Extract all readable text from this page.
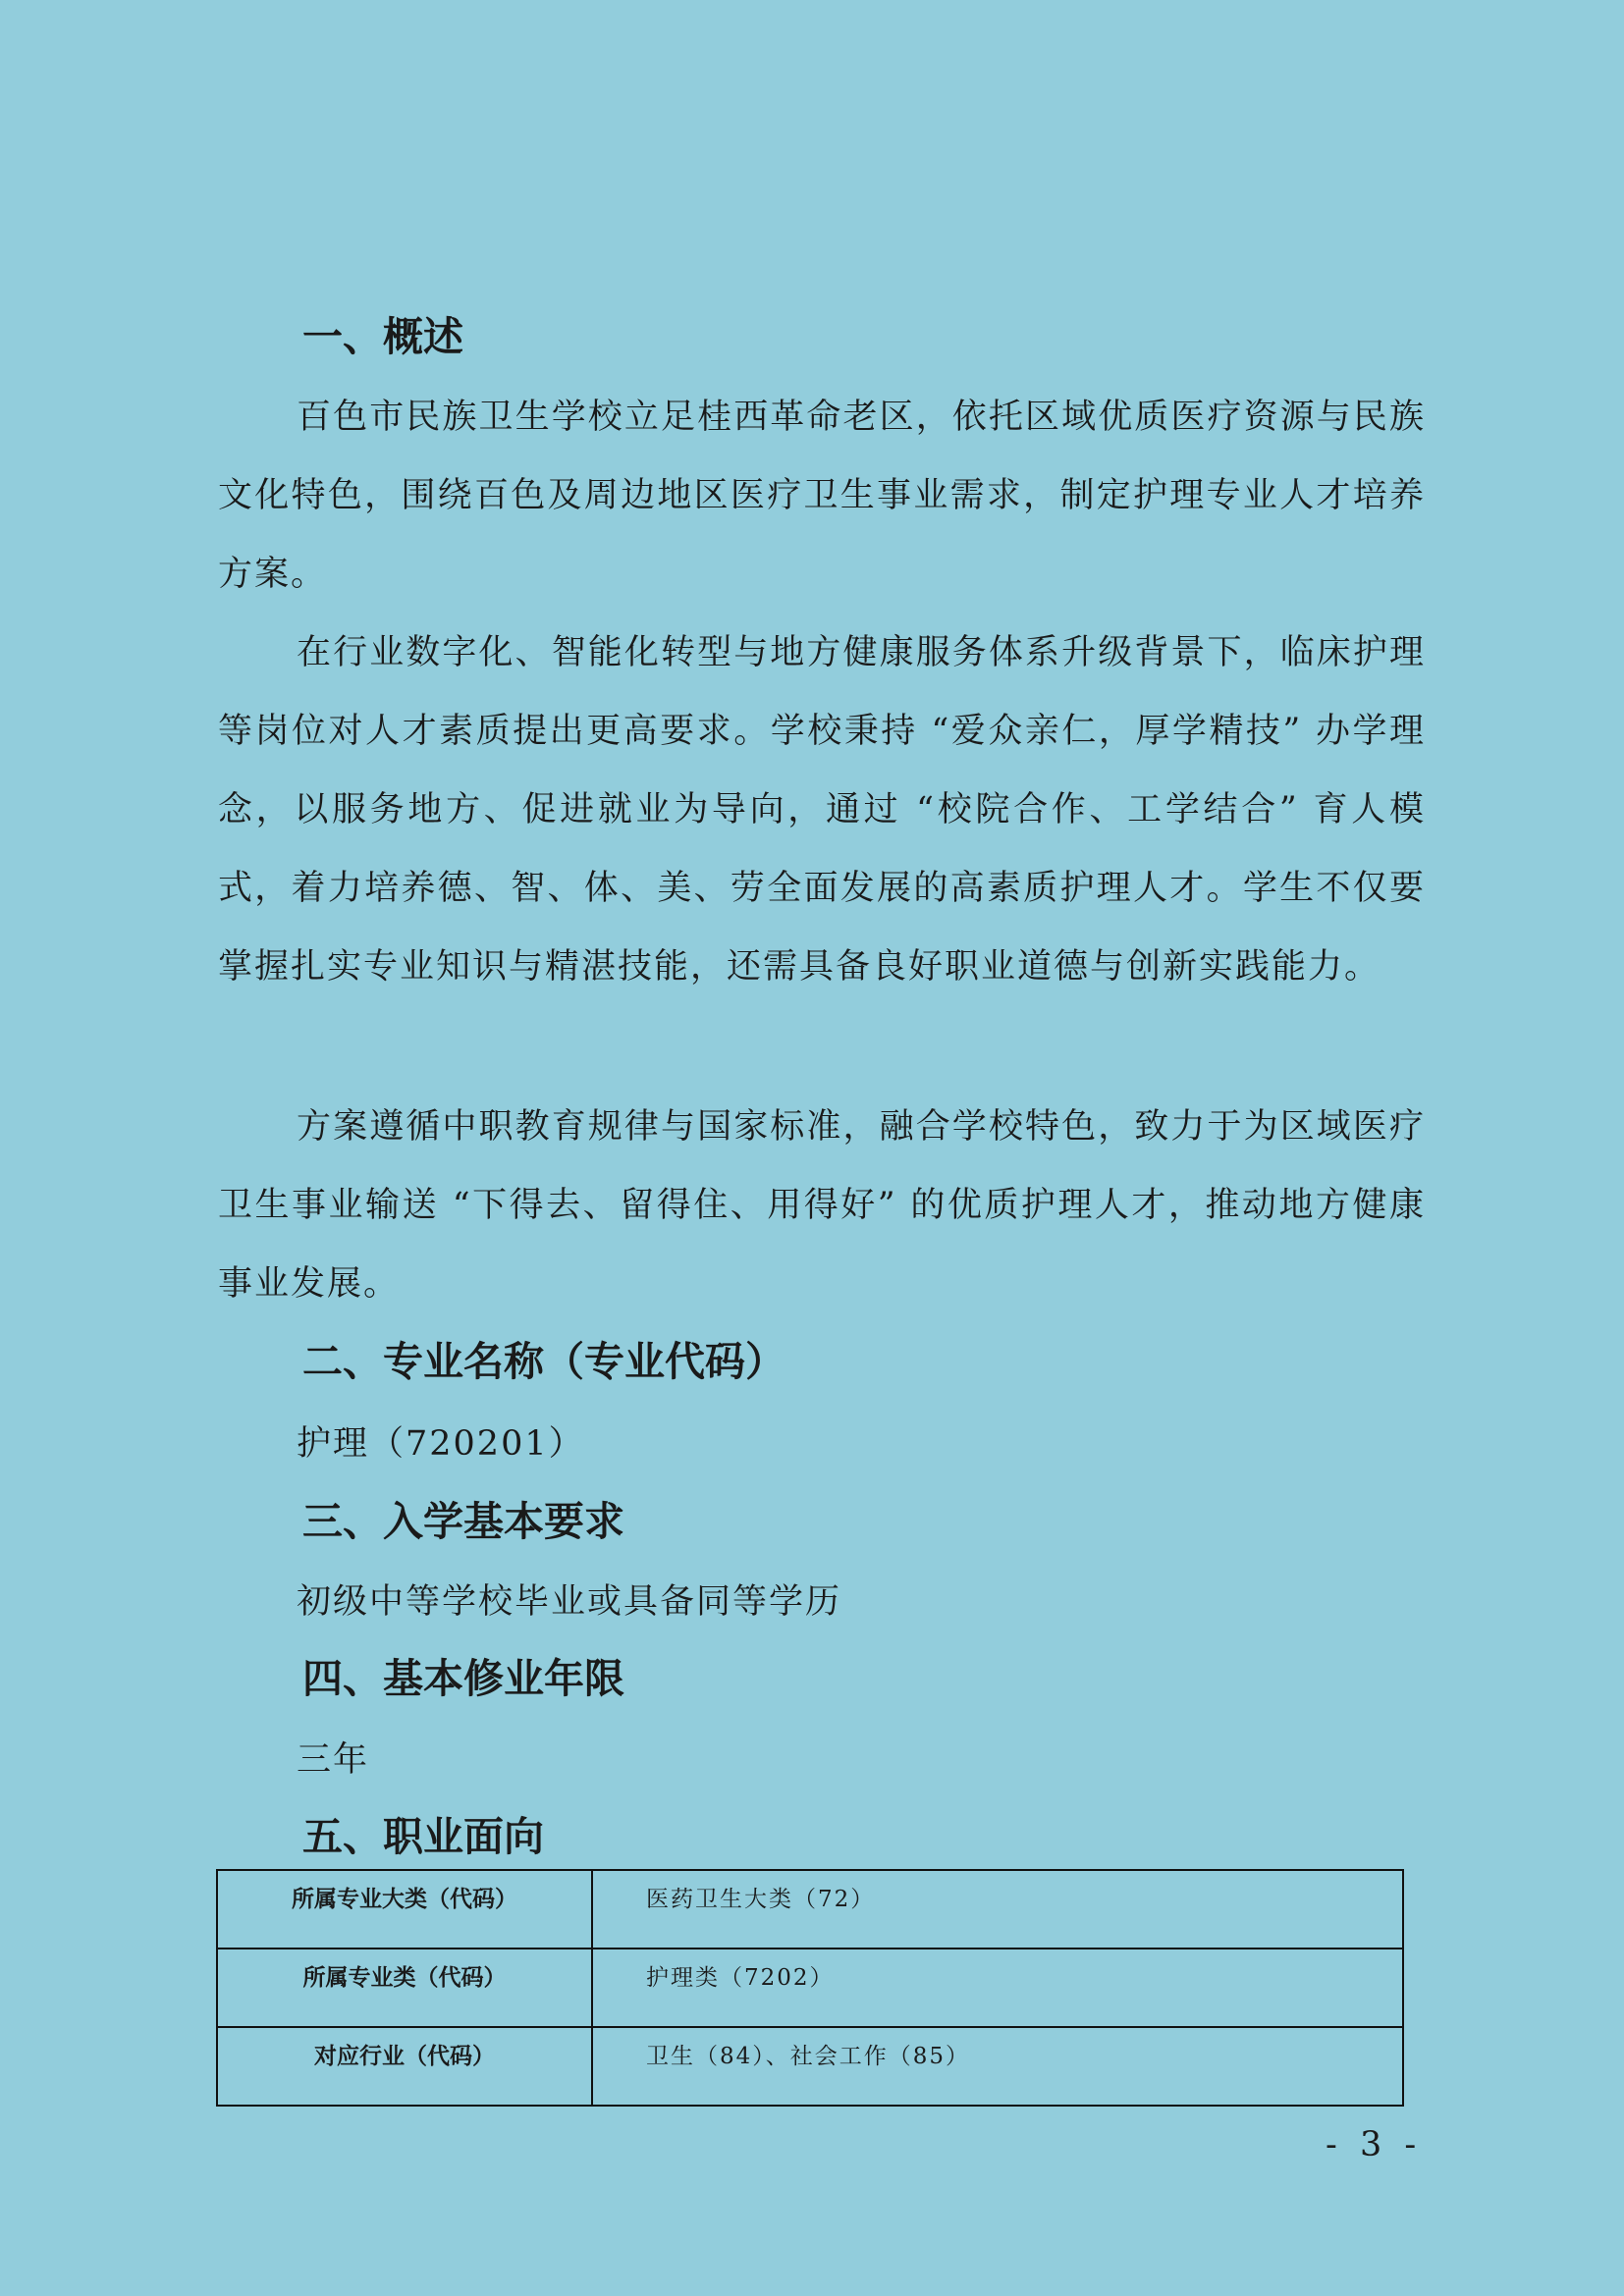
一、概述

百色市民族卫生学校立足桂西革命老区，依托区域优质医疗资源与民族文化特色，围绕百色及周边地区医疗卫生事业需求，制定护理专业人才培养方案。

在行业数字化、智能化转型与地方健康服务体系升级背景下，临床护理等岗位对人才素质提出更高要求。学校秉持 “爱众亲仁，厚学精技” 办学理念，以服务地方、促进就业为导向，通过 “校院合作、工学结合” 育人模式，着力培养德、智、体、美、劳全面发展的高素质护理人才。学生不仅要掌握扎实专业知识与精湛技能，还需具备良好职业道德与创新实践能力。

方案遵循中职教育规律与国家标准，融合学校特色，致力于为区域医疗卫生事业输送 “下得去、留得住、用得好” 的优质护理人才，推动地方健康事业发展。

二、专业名称（专业代码）

护理（720201）

三、入学基本要求

初级中等学校毕业或具备同等学历

四、基本修业年限

三年

五、职业面向
所属专业大类（代码）	医药卫生大类（72）
所属专业类（代码）	护理类（7202）
对应行业（代码）	卫生（84）、社会工作（85）

- 3 -
